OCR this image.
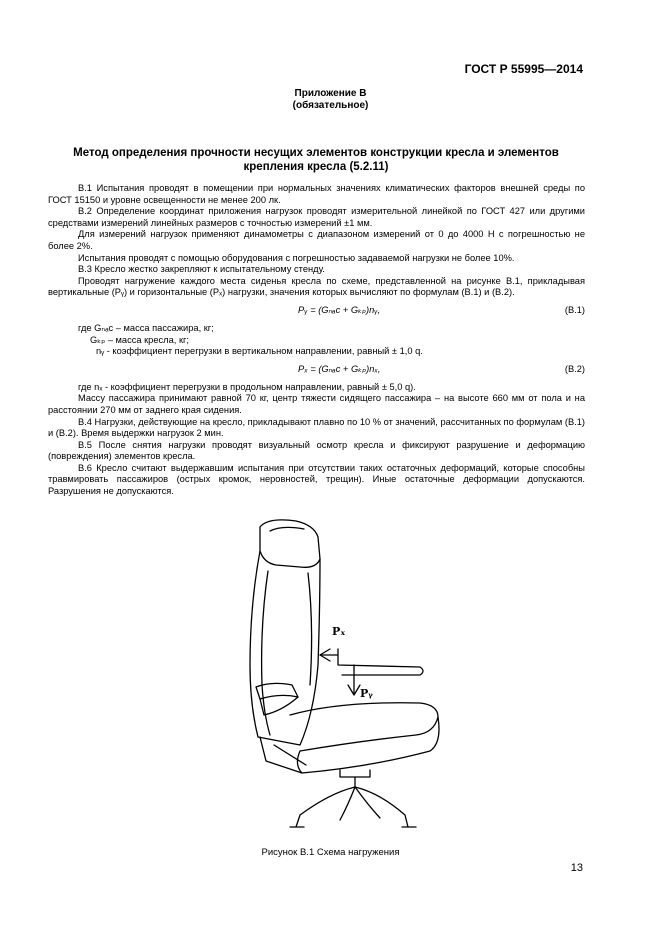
ГОСТ Р 55995—2014
Приложение В
(обязательное)
Метод определения прочности несущих элементов конструкции кресла и элементов крепления кресла (5.2.11)

В.1 Испытания проводят в помещении при нормальных значениях климатических факторов внешней среды по ГОСТ 15150 и уровне освещенности не менее 200 лк.

В.2 Определение координат приложения нагрузок проводят измерительной линейкой по ГОСТ 427 или другими средствами измерений линейных размеров с точностью измерений ±1 мм.

Для измерений нагрузок применяют динамометры с диапазоном измерений от 0 до 4000 Н с погрешностью не более 2%.

Испытания проводят с помощью оборудования с погрешностью задаваемой нагрузки не более 10%.

В.3 Кресло жестко закрепляют к испытательному стенду.

Проводят нагружение каждого места сиденья кресла по схеме, представленной на рисунке В.1, прикладывая вертикальные (Pᵧ) и горизонтальные (Pₓ) нагрузки, значения которых вычисляют по формулам (В.1) и (В.2).

Pᵧ = (Gₙₐc + Gₖₚ)nᵧ,	(В.1)

где Gₙₐc – масса пассажира, кг;

Gₖₚ – масса кресла, кг;

nᵧ - коэффициент перегрузки в вертикальном направлении, равный ± 1,0 q.

Pₓ = (Gₙₐc + Gₖₚ)nₓ,	(В.2)

где nₓ - коэффициент перегрузки в продольном направлении, равный ± 5,0 q).

Массу пассажира принимают равной 70 кг, центр тяжести сидящего пассажира – на высоте 660 мм от пола и на расстоянии 270 мм от заднего края сидения.

В.4 Нагрузки, действующие на кресло, прикладывают плавно по 10 % от значений, рассчитанных по формулам (В.1) и (В.2). Время выдержки нагрузок 2 мин.

В.5 После снятия нагрузки проводят визуальный осмотр кресла и фиксируют разрушение и деформацию (повреждения) элементов кресла.

В.6 Кресло считают выдержавшим испытания при отсутствии таких остаточных деформаций, которые способны травмировать пассажиров (острых кромок, неровностей, трещин). Иные остаточные деформации допускаются. Разрушения не допускаются.

Pₓ
Pᵧ
Рисунок В.1 Схема нагружения
13
